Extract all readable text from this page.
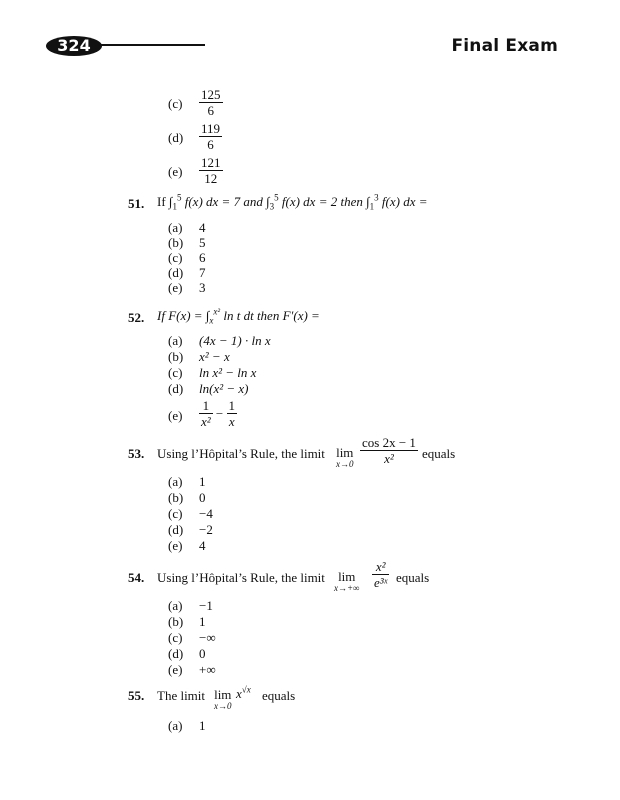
324	Final Exam
(c)	$\frac{125}{6}$
(d)	$\frac{119}{6}$
(e)	$\frac{121}{12}$
51. If $\int_1^5$ f(x) dx = 7 and $\int_3^5$ f(x) dx = 2 then $\int_1^3$ f(x) dx =
(a)	4
(b)	5
(c)	6
(d)	7
(e)	3
52. If $F(x) = \int_x^{x^2}$ ln t dt then F′(x) =
(a)	(4x − 1) · ln x
(b)	x² − x
(c)	ln x² − ln x
(d)	ln(x² − x)
(e)	$\frac{1}{\text{x²}} - \frac{1}{x}$
53. Using l’Hôpital’s Rule, the limit lim
$x\to 0 \frac{\cos 2x - 1}{\text{x²}}$ equals
(a)	1
(b)	0
(c)	−4
(d)	−2
(e)	4
54. Using l’Hôpital’s Rule, the limit	lim
$x\to+\infty \frac{\text{x²}}{\text{e³ˣ}}$ equals
(a)	−1
(b)	1
(c)	−∞
(d)	0
(e)	+∞
55. The limit lim
x→0
$x^{√x}$ equals
(a)	1
